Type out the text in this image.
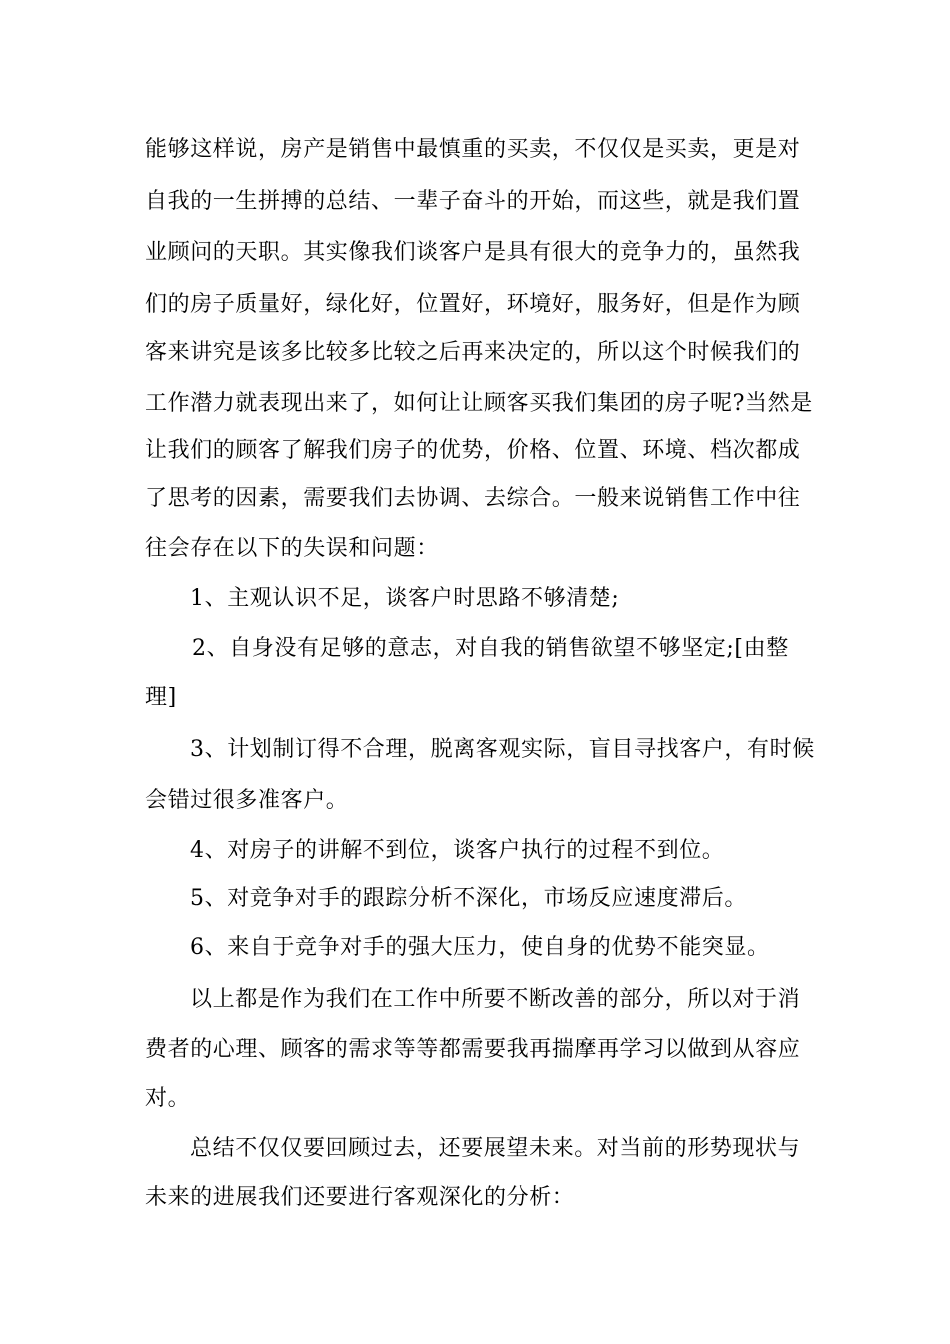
能够这样说，房产是销售中最慎重的买卖，不仅仅是买卖，更是对
自我的一生拼搏的总结、一辈子奋斗的开始，而这些，就是我们置
业顾问的天职。其实像我们谈客户是具有很大的竞争力的，虽然我
们的房子质量好，绿化好，位置好，环境好，服务好，但是作为顾
客来讲究是该多比较多比较之后再来决定的，所以这个时候我们的
工作潜力就表现出来了，如何让让顾客买我们集团的房子呢?当然是
让我们的顾客了解我们房子的优势，价格、位置、环境、档次都成
了思考的因素，需要我们去协调、去综合。一般来说销售工作中往
往会存在以下的失误和问题：
1、主观认识不足，谈客户时思路不够清楚;
2、自身没有足够的意志，对自我的销售欲望不够坚定;[由整
理]
3、计划制订得不合理，脱离客观实际，盲目寻找客户，有时候
会错过很多准客户。
4、对房子的讲解不到位，谈客户执行的过程不到位。
5、对竞争对手的跟踪分析不深化，市场反应速度滞后。
6、来自于竞争对手的强大压力，使自身的优势不能突显。
以上都是作为我们在工作中所要不断改善的部分，所以对于消
费者的心理、顾客的需求等等都需要我再揣摩再学习以做到从容应
对。
总结不仅仅要回顾过去，还要展望未来。对当前的形势现状与
未来的进展我们还要进行客观深化的分析：
